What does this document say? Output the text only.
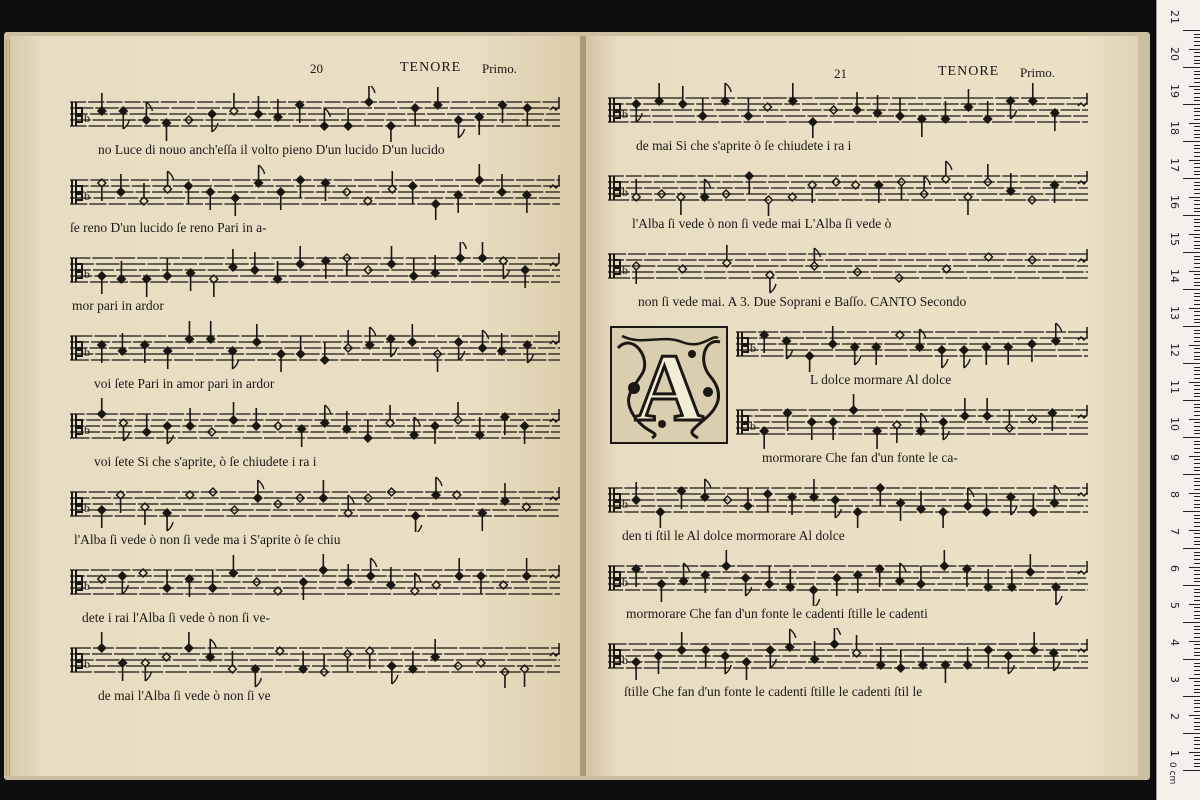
20	TENORE Primo.
b
no Luce di nouo anch'eſſa il volto pieno D'un lucido D'un lucido
b
ſe reno D'un lucido ſe reno Pari in a-
b
mor pari in ardor
b
voi ſete Pari in amor pari in ardor
b
voi ſete Si che s'aprite, ò ſe chiudete i ra i
b
l'Alba ſi vede ò non ſi vede ma i S'aprite ò ſe chiu
b
dete i rai l'Alba ſi vede ò non ſi ve-
b
de mai l'Alba ſi vede ò non ſi ve
21	TENORE Primo.
b
de mai Si che s'aprite ò ſe chiudete i ra i
b
l'Alba ſi vede ò non ſi vede mai L'Alba ſi vede ò
b
non ſi vede mai. A 3. Due Soprani e Baſſo. CANTO Secondo
b
L dolce mormare Al dolce
b
mormorare Che fan d'un fonte le ca-
b
den ti ſtil le Al dolce mormorare Al dolce
b
mormorare Che fan d'un fonte le cadenti ſtille le cadenti
b
ſtille Che fan d'un fonte le cadenti ſtille le cadenti ſtil le
A
0 cm
21
20
19
18
17
16
15
14
13
12
11
10
9
8
7
6
5
4
3
2
1
